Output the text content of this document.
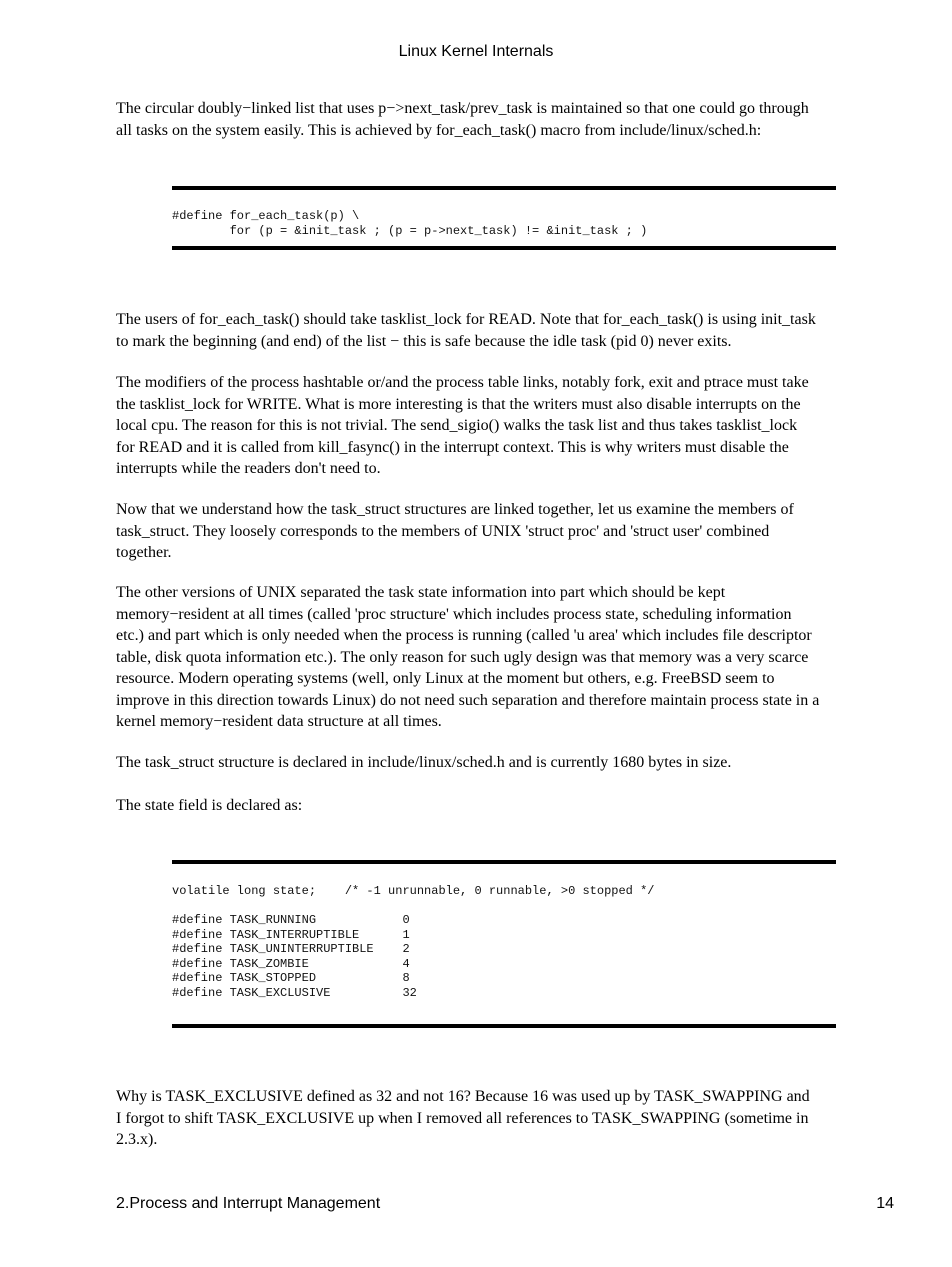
Linux Kernel Internals

The circular doubly−linked list that uses p−>next_task/prev_task is maintained so that one could go through
all tasks on the system easily. This is achieved by for_each_task() macro from include/linux/sched.h:

#define for_each_task(p) \
for (p = &init_task ; (p = p->next_task) != &init_task ; )

The users of for_each_task() should take tasklist_lock for READ. Note that for_each_task() is using init_task
to mark the beginning (and end) of the list − this is safe because the idle task (pid 0) never exits.

The modifiers of the process hashtable or/and the process table links, notably fork, exit and ptrace must take
the tasklist_lock for WRITE. What is more interesting is that the writers must also disable interrupts on the
local cpu. The reason for this is not trivial. The send_sigio() walks the task list and thus takes tasklist_lock
for READ and it is called from kill_fasync() in the interrupt context. This is why writers must disable the
interrupts while the readers don't need to.

Now that we understand how the task_struct structures are linked together, let us examine the members of
task_struct. They loosely corresponds to the members of UNIX 'struct proc' and 'struct user' combined
together.

The other versions of UNIX separated the task state information into part which should be kept
memory−resident at all times (called 'proc structure' which includes process state, scheduling information
etc.) and part which is only needed when the process is running (called 'u area' which includes file descriptor
table, disk quota information etc.). The only reason for such ugly design was that memory was a very scarce
resource. Modern operating systems (well, only Linux at the moment but others, e.g. FreeBSD seem to
improve in this direction towards Linux) do not need such separation and therefore maintain process state in a
kernel memory−resident data structure at all times.

The task_struct structure is declared in include/linux/sched.h and is currently 1680 bytes in size.

The state field is declared as:

volatile long state;    /* -1 unrunnable, 0 runnable, >0 stopped */

#define TASK_RUNNING            0
#define TASK_INTERRUPTIBLE      1
#define TASK_UNINTERRUPTIBLE    2
#define TASK_ZOMBIE             4
#define TASK_STOPPED            8
#define TASK_EXCLUSIVE          32

Why is TASK_EXCLUSIVE defined as 32 and not 16? Because 16 was used up by TASK_SWAPPING and
I forgot to shift TASK_EXCLUSIVE up when I removed all references to TASK_SWAPPING (sometime in
2.3.x).

2.Process and Interrupt Management	14
